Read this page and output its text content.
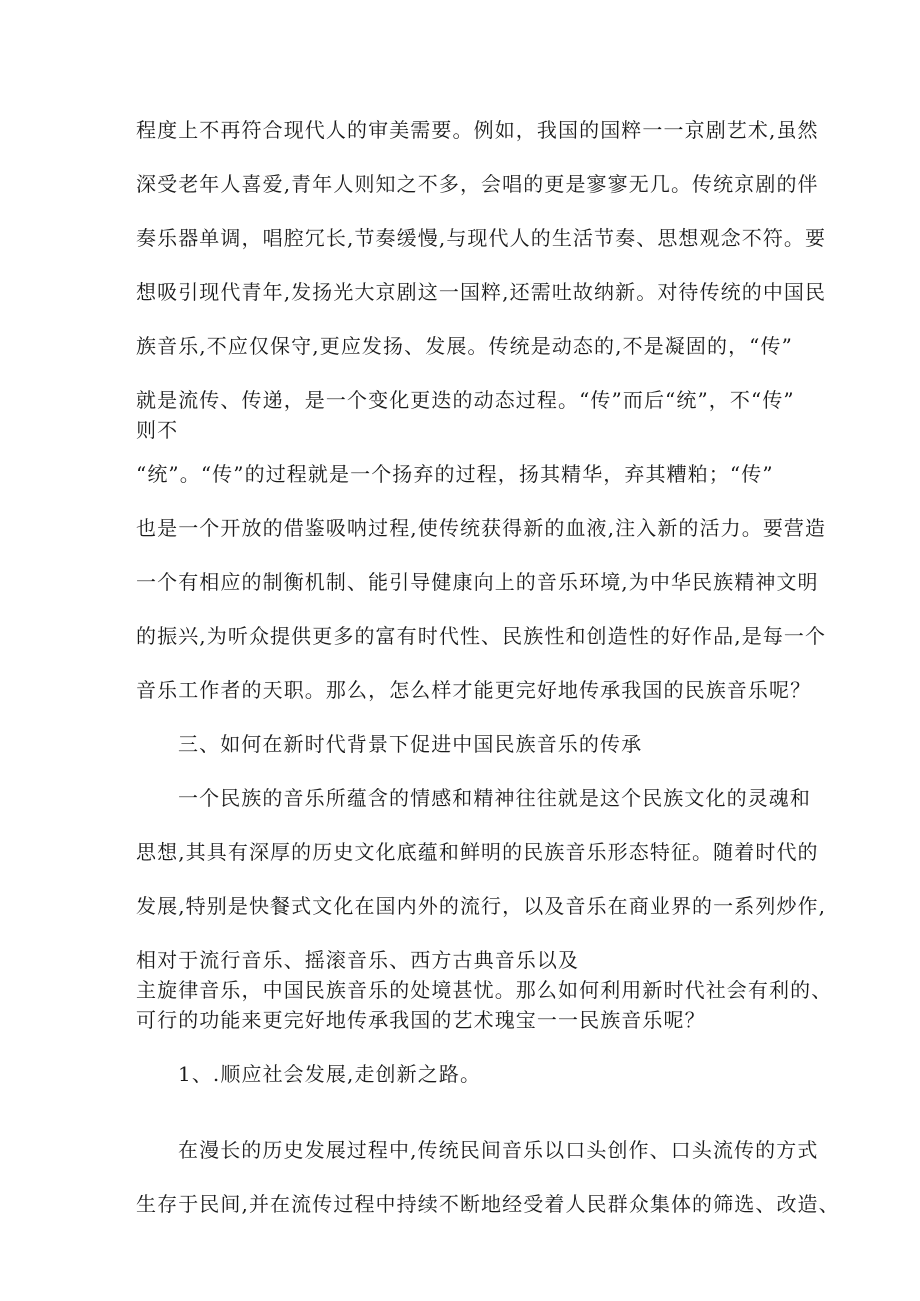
程度上不再符合现代人的审美需要。例如，我国的国粹一一京剧艺术,虽然
深受老年人喜爱,青年人则知之不多，会唱的更是寥寥无几。传统京剧的伴
奏乐器单调，唱腔冗长,节奏缓慢,与现代人的生活节奏、思想观念不符。要
想吸引现代青年,发扬光大京剧这一国粹,还需吐故纳新。对待传统的中国民
族音乐,不应仅保守,更应发扬、发展。传统是动态的,不是凝固的，“传”
就是流传、传递，是一个变化更迭的动态过程。“传”而后“统”，不“传”
则不
“统”。“传”的过程就是一个扬弃的过程，扬其精华，弃其糟粕；“传”
也是一个开放的借鉴吸呐过程,使传统获得新的血液,注入新的活力。要营造
一个有相应的制衡机制、能引导健康向上的音乐环境,为中华民族精神文明
的振兴,为听众提供更多的富有时代性、民族性和创造性的好作品,是每一个
音乐工作者的天职。那么，怎么样才能更完好地传承我国的民族音乐呢？
三、如何在新时代背景下促进中国民族音乐的传承
一个民族的音乐所蕴含的情感和精神往往就是这个民族文化的灵魂和
思想,其具有深厚的历史文化底蕴和鲜明的民族音乐形态特征。随着时代的
发展,特别是快餐式文化在国内外的流行，以及音乐在商业界的一系列炒作,
相对于流行音乐、摇滚音乐、西方古典音乐以及
主旋律音乐，中国民族音乐的处境甚忧。那么如何利用新时代社会有利的、
可行的功能来更完好地传承我国的艺术瑰宝一一民族音乐呢？
1、.顺应社会发展,走创新之路。
在漫长的历史发展过程中,传统民间音乐以口头创作、口头流传的方式
生存于民间,并在流传过程中持续不断地经受着人民群众集体的筛选、改造、
